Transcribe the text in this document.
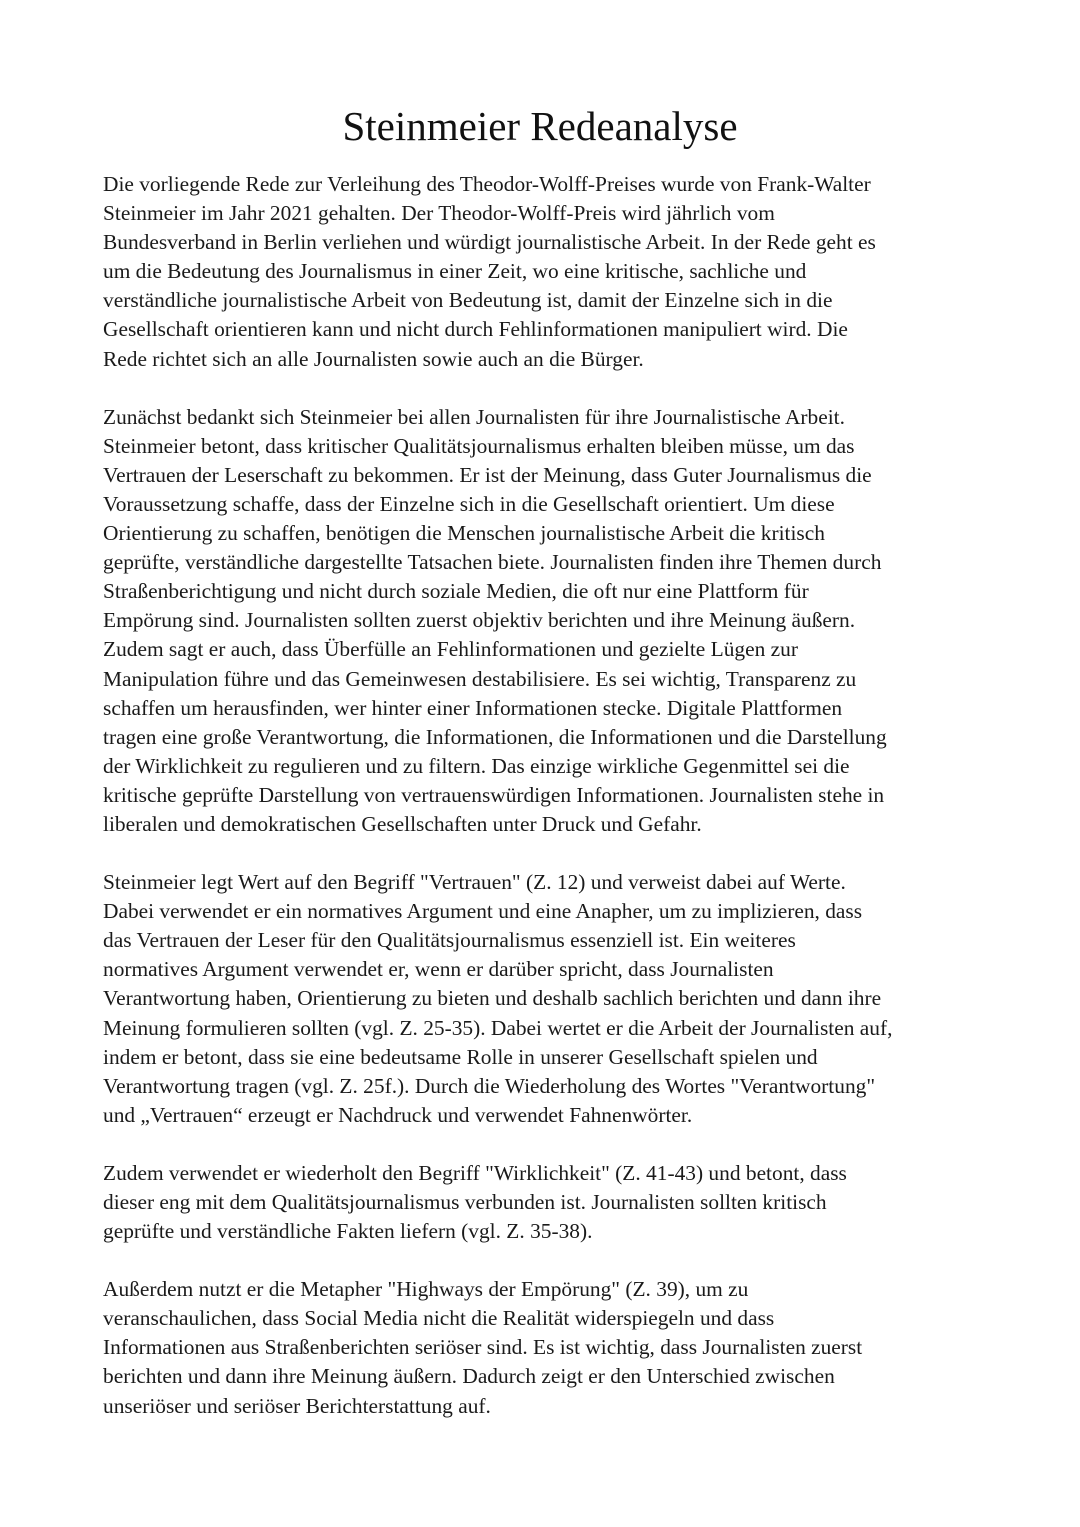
Steinmeier Redeanalyse

Die vorliegende Rede zur Verleihung des Theodor-Wolff-Preises wurde von Frank-Walter
Steinmeier im Jahr 2021 gehalten. Der Theodor-Wolff-Preis wird jährlich vom
Bundesverband in Berlin verliehen und würdigt journalistische Arbeit. In der Rede geht es
um die Bedeutung des Journalismus in einer Zeit, wo eine kritische, sachliche und
verständliche journalistische Arbeit von Bedeutung ist, damit der Einzelne sich in die
Gesellschaft orientieren kann und nicht durch Fehlinformationen manipuliert wird. Die
Rede richtet sich an alle Journalisten sowie auch an die Bürger.

Zunächst bedankt sich Steinmeier bei allen Journalisten für ihre Journalistische Arbeit.
Steinmeier betont, dass kritischer Qualitätsjournalismus erhalten bleiben müsse, um das
Vertrauen der Leserschaft zu bekommen. Er ist der Meinung, dass Guter Journalismus die
Voraussetzung schaffe, dass der Einzelne sich in die Gesellschaft orientiert. Um diese
Orientierung zu schaffen, benötigen die Menschen journalistische Arbeit die kritisch
geprüfte, verständliche dargestellte Tatsachen biete. Journalisten finden ihre Themen durch
Straßenberichtigung und nicht durch soziale Medien, die oft nur eine Plattform für
Empörung sind. Journalisten sollten zuerst objektiv berichten und ihre Meinung äußern.
Zudem sagt er auch, dass Überfülle an Fehlinformationen und gezielte Lügen zur
Manipulation führe und das Gemeinwesen destabilisiere. Es sei wichtig, Transparenz zu
schaffen um herausfinden, wer hinter einer Informationen stecke. Digitale Plattformen
tragen eine große Verantwortung, die Informationen, die Informationen und die Darstellung
der Wirklichkeit zu regulieren und zu filtern. Das einzige wirkliche Gegenmittel sei die
kritische geprüfte Darstellung von vertrauenswürdigen Informationen. Journalisten stehe in
liberalen und demokratischen Gesellschaften unter Druck und Gefahr.

Steinmeier legt Wert auf den Begriff "Vertrauen" (Z. 12) und verweist dabei auf Werte.
Dabei verwendet er ein normatives Argument und eine Anapher, um zu implizieren, dass
das Vertrauen der Leser für den Qualitätsjournalismus essenziell ist. Ein weiteres
normatives Argument verwendet er, wenn er darüber spricht, dass Journalisten
Verantwortung haben, Orientierung zu bieten und deshalb sachlich berichten und dann ihre
Meinung formulieren sollten (vgl. Z. 25-35). Dabei wertet er die Arbeit der Journalisten auf,
indem er betont, dass sie eine bedeutsame Rolle in unserer Gesellschaft spielen und
Verantwortung tragen (vgl. Z. 25f.). Durch die Wiederholung des Wortes "Verantwortung"
und „Vertrauen“ erzeugt er Nachdruck und verwendet Fahnenwörter.

Zudem verwendet er wiederholt den Begriff "Wirklichkeit" (Z. 41-43) und betont, dass
dieser eng mit dem Qualitätsjournalismus verbunden ist. Journalisten sollten kritisch
geprüfte und verständliche Fakten liefern (vgl. Z. 35-38).

Außerdem nutzt er die Metapher "Highways der Empörung" (Z. 39), um zu
veranschaulichen, dass Social Media nicht die Realität widerspiegeln und dass
Informationen aus Straßenberichten seriöser sind. Es ist wichtig, dass Journalisten zuerst
berichten und dann ihre Meinung äußern. Dadurch zeigt er den Unterschied zwischen
unseriöser und seriöser Berichterstattung auf.
